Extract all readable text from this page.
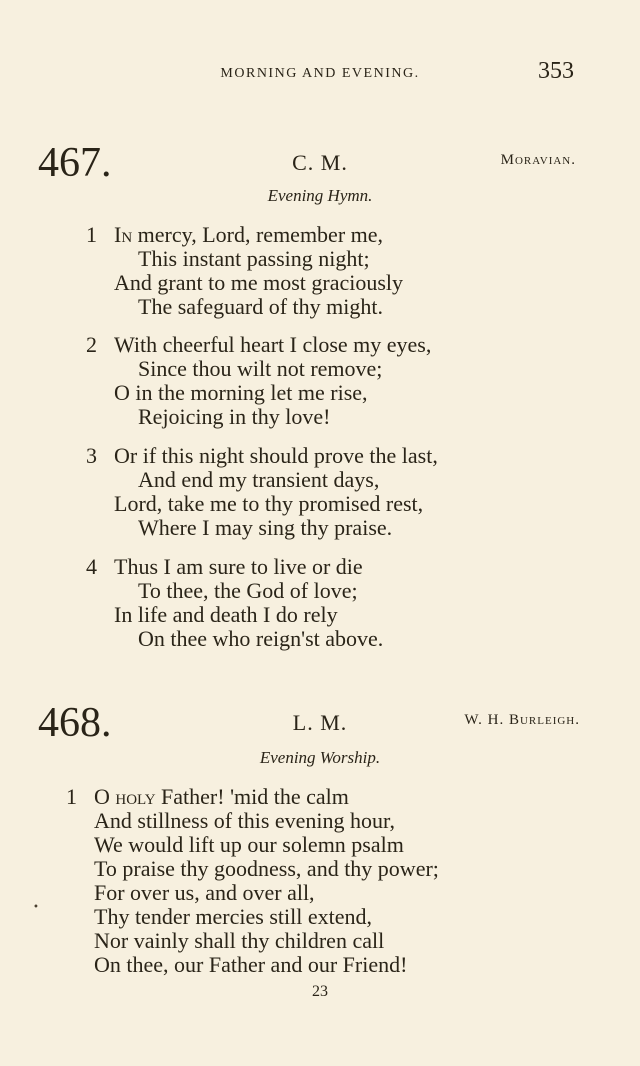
MORNING AND EVENING.	353
467.	C. M.	Moravian.
Evening Hymn.
1 In mercy, Lord, remember me,
This instant passing night;
And grant to me most graciously
The safeguard of thy might.
2 With cheerful heart I close my eyes,
Since thou wilt not remove;
O in the morning let me rise,
Rejoicing in thy love!
3 Or if this night should prove the last,
And end my transient days,
Lord, take me to thy promised rest,
Where I may sing thy praise.
4 Thus I am sure to live or die
To thee, the God of love;
In life and death I do rely
On thee who reign'st above.
468.	L. M.	W. H. Burleigh.
Evening Worship.
1 O holy Father! 'mid the calm
And stillness of this evening hour,
We would lift up our solemn psalm
To praise thy goodness, and thy power;
For over us, and over all,
Thy tender mercies still extend,
Nor vainly shall thy children call
On thee, our Father and our Friend!
•
23
